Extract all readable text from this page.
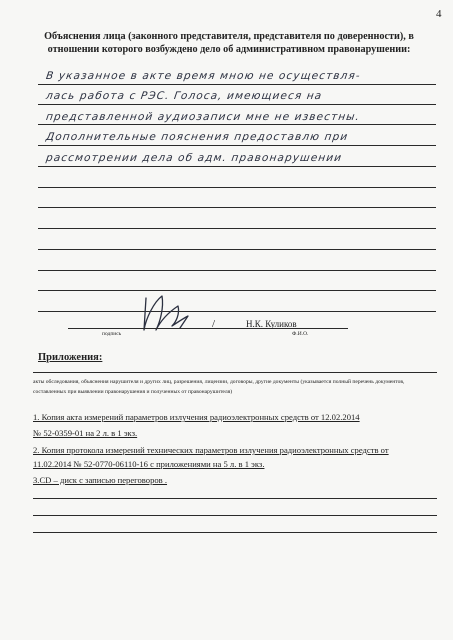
4
Объяснения лица (законного представителя, представителя по доверенности), в отношении которого возбуждено дело об административном правонарушении:
В указанное в акте время мною не осуществля-
лась работа с РЭС. Голоса, имеющиеся на
представленной аудиозаписи мне не известны.
Дополнительные пояснения предоставлю при
рассмотрении дела об адм. правонарушении
/	Н.К. Куликов
подпись	Ф.И.О.
Приложения:
акты обследования, объяснения нарушителя и других лиц, разрешения, лицензии, договоры, другие документы (указывается полный перечень документов, составленных при выявлении правонарушения и полученных от правонарушителя)
1. Копия акта измерений параметров излучения радиоэлектронных средств от 12.02.2014
№ 52-0359-01 на 2 л. в 1 экз.
2. Копия протокола измерений технических параметров излучения радиоэлектронных средств от
11.02.2014 № 52-0770-06110-16 с приложениями на 5 л. в 1 экз.
3.CD – диск с записью переговоров .
